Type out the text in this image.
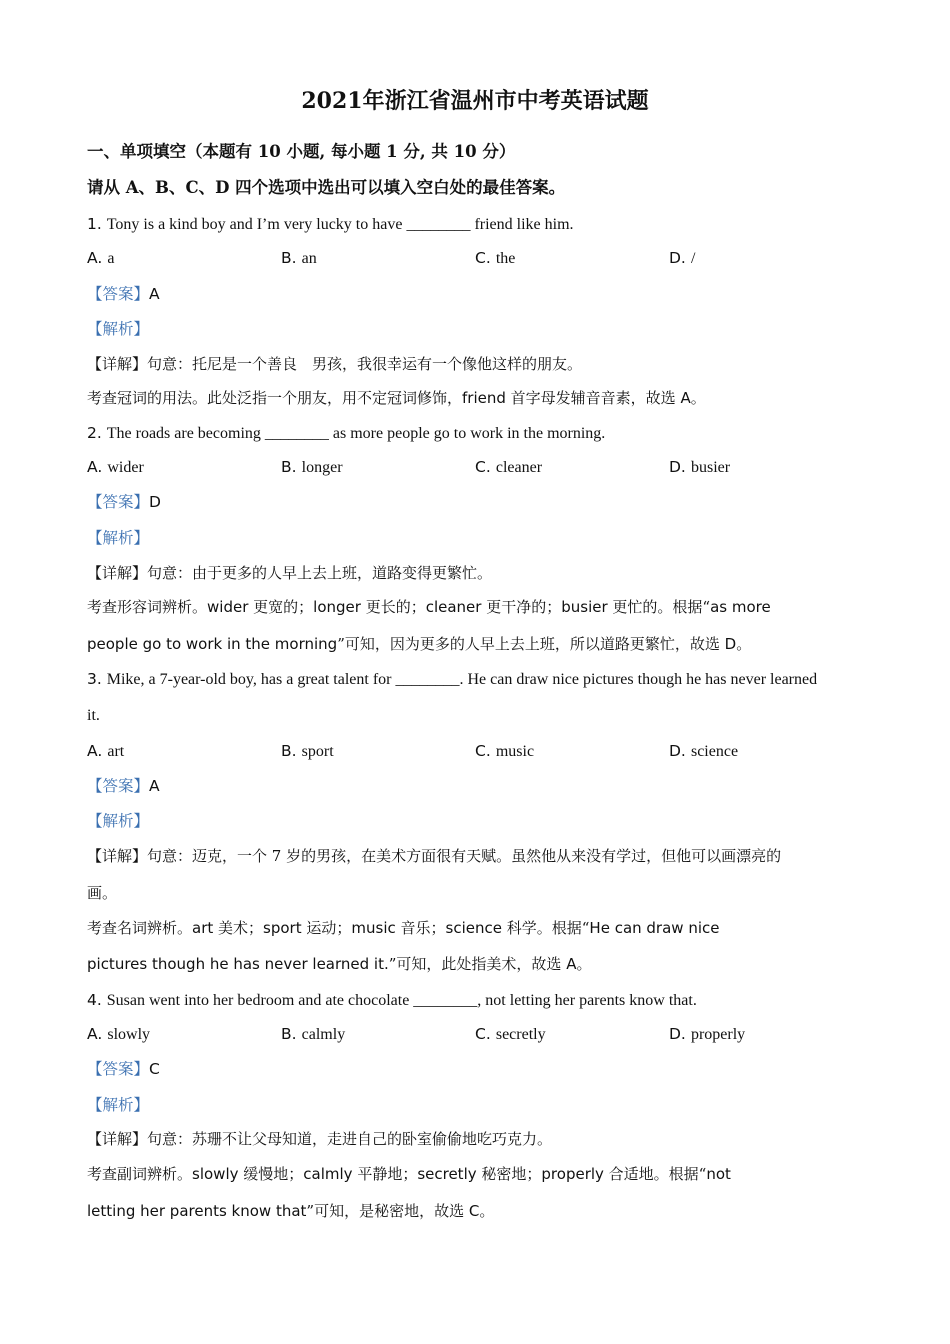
2021年浙江省温州市中考英语试题

一、单项填空（本题有 10 小题, 每小题 1 分, 共 10 分）

请从 A、B、C、D 四个选项中选出可以填入空白处的最佳答案。

1. Tony is a kind boy and I’m very lucky to have ________ friend like him.

A. a	B. an	C. the	D. /

【答案】A

【解析】

【详解】句意：托尼是一个善良　男孩，我很幸运有一个像他这样的朋友。

考查冠词的用法。此处泛指一个朋友，用不定冠词修饰，friend 首字母发辅音音素，故选 A。

2. The roads are becoming ________ as more people go to work in the morning.

A. wider	B. longer	C. cleaner	D. busier

【答案】D

【解析】

【详解】句意：由于更多的人早上去上班，道路变得更繁忙。

考查形容词辨析。wider 更宽的；longer 更长的；cleaner 更干净的；busier 更忙的。根据“as more

people go to work in the morning”可知，因为更多的人早上去上班，所以道路更繁忙，故选 D。

3. Mike, a 7-year-old boy, has a great talent for ________. He can draw nice pictures though he has never learned

it.

A. art	B. sport	C. music	D. science

【答案】A

【解析】

【详解】句意：迈克，一个 7 岁的男孩，在美术方面很有天赋。虽然他从来没有学过，但他可以画漂亮的

画。

考查名词辨析。art 美术；sport 运动；music 音乐；science 科学。根据“He can draw nice

pictures though he has never learned it.”可知，此处指美术，故选 A。

4. Susan went into her bedroom and ate chocolate ________, not letting her parents know that.

A. slowly	B. calmly	C. secretly	D. properly

【答案】C

【解析】

【详解】句意：苏珊不让父母知道，走进自己的卧室偷偷地吃巧克力。

考查副词辨析。slowly 缓慢地；calmly 平静地；secretly 秘密地；properly 合适地。根据“not

letting her parents know that”可知，是秘密地，故选 C。
